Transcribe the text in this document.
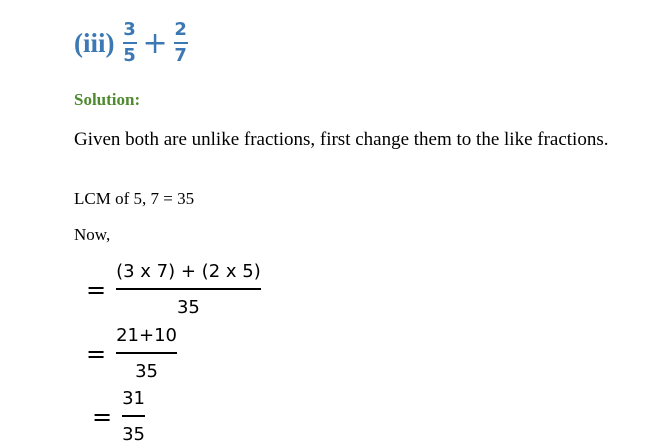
(iii) 3
5 + 2
7
Solution:
Given both are unlike fractions, first change them to the like fractions.
LCM of 5, 7 = 35
Now,
= $\frac{(3 x 7) + (2 x 5)}{35}$
= $\frac{21+10}{35}$
= $\frac{31}{35}$
